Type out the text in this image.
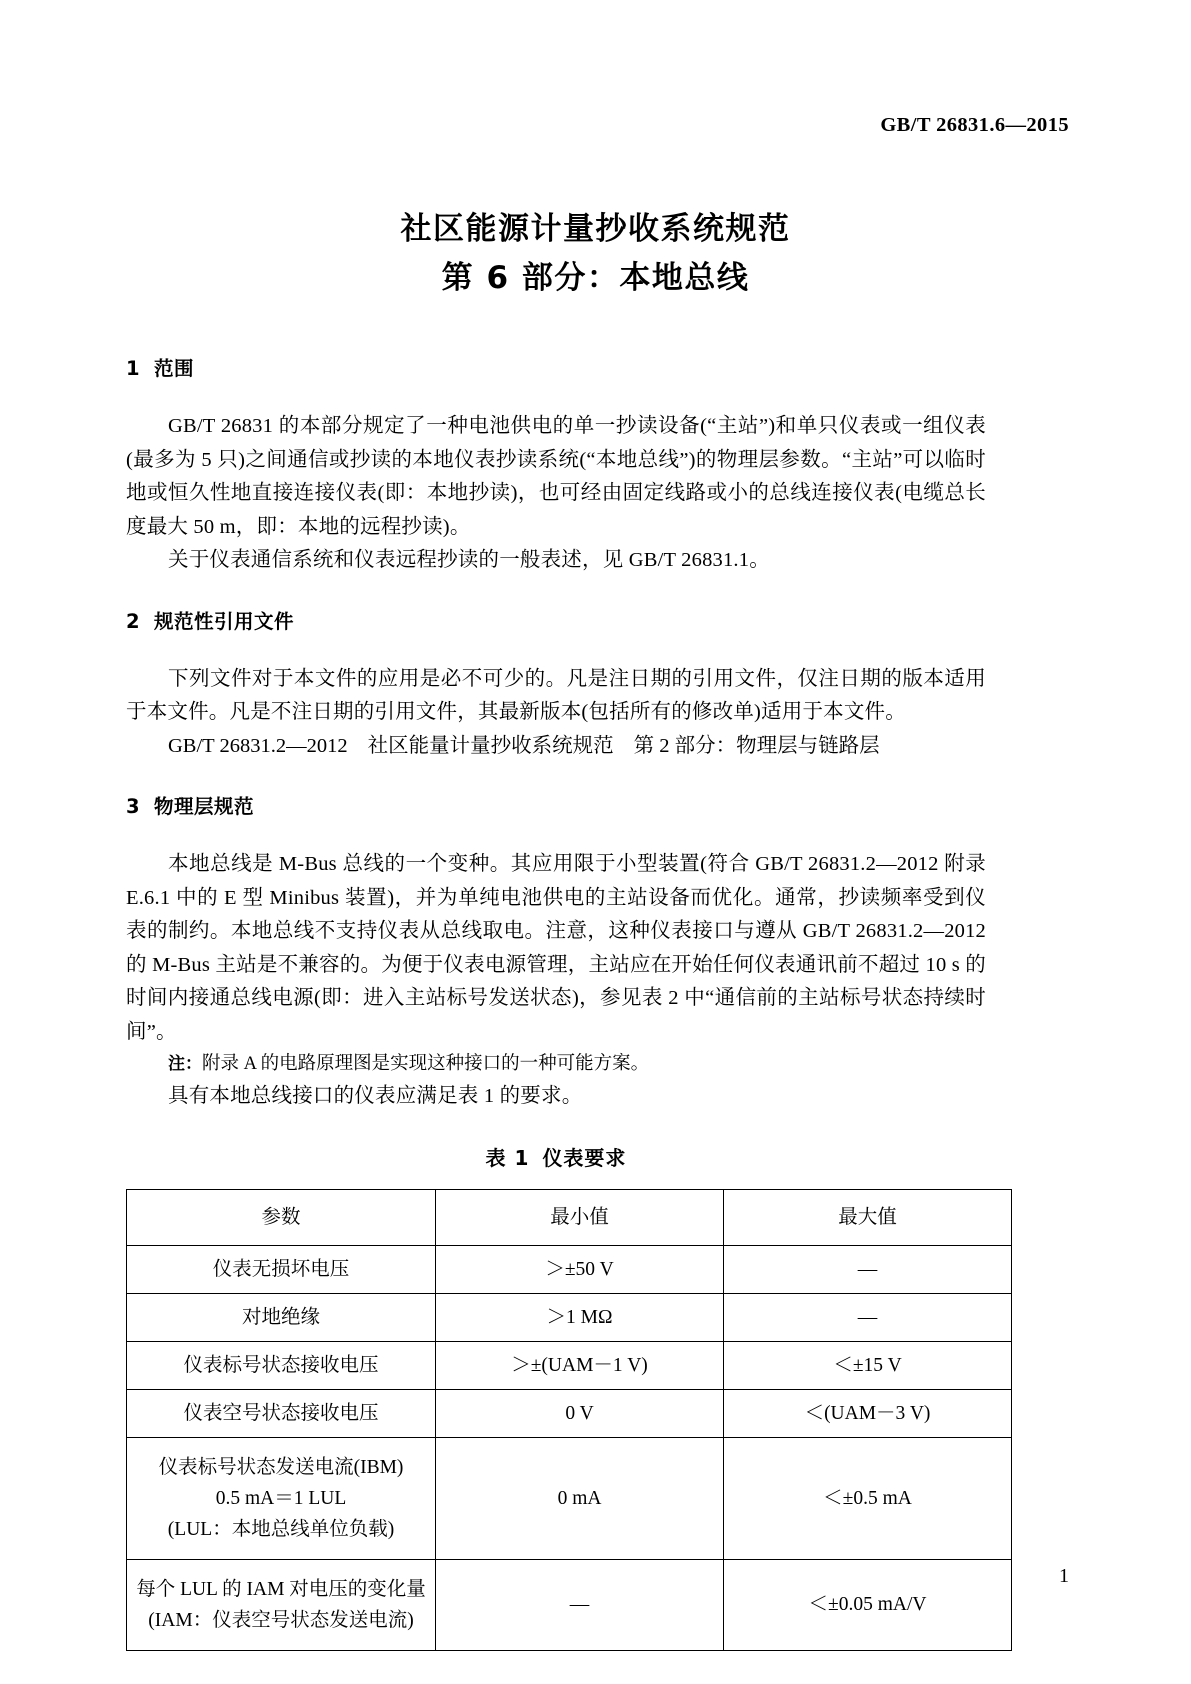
GB/T 26831.6—2015
社区能源计量抄收系统规范
第 6 部分：本地总线
1 范围

GB/T 26831 的本部分规定了一种电池供电的单一抄读设备(“主站”)和单只仪表或一组仪表(最多为 5 只)之间通信或抄读的本地仪表抄读系统(“本地总线”)的物理层参数。“主站”可以临时地或恒久性地直接连接仪表(即：本地抄读)，也可经由固定线路或小的总线连接仪表(电缆总长度最大 50 m，即：本地的远程抄读)。

关于仪表通信系统和仪表远程抄读的一般表述，见 GB/T 26831.1。

2 规范性引用文件

下列文件对于本文件的应用是必不可少的。凡是注日期的引用文件，仅注日期的版本适用于本文件。凡是不注日期的引用文件，其最新版本(包括所有的修改单)适用于本文件。

GB/T 26831.2—2012 社区能量计量抄收系统规范 第 2 部分：物理层与链路层

3 物理层规范

本地总线是 M-Bus 总线的一个变种。其应用限于小型装置(符合 GB/T 26831.2—2012 附录 E.6.1 中的 E 型 Minibus 装置)，并为单纯电池供电的主站设备而优化。通常，抄读频率受到仪表的制约。本地总线不支持仪表从总线取电。注意，这种仪表接口与遵从 GB/T 26831.2—2012 的 M-Bus 主站是不兼容的。为便于仪表电源管理，主站应在开始任何仪表通讯前不超过 10 s 的时间内接通总线电源(即：进入主站标号发送状态)，参见表 2 中“通信前的主站标号状态持续时间”。

注：附录 A 的电路原理图是实现这种接口的一种可能方案。

具有本地总线接口的仪表应满足表 1 的要求。

表 1 仪表要求
参数	最小值	最大值
仪表无损坏电压	＞±50 V	—
对地绝缘	＞1 MΩ	—
仪表标号状态接收电压	＞±(UAM－1 V)	＜±15 V
仪表空号状态接收电压	0 V	＜(UAM－3 V)

仪表标号状态发送电流(IBM)
0.5 mA＝1 LUL
(LUL：本地总线单位负载)	0 mA	＜±0.5 mA

每个 LUL 的 IAM 对电压的变化量
(IAM：仪表空号状态发送电流)	—	＜±0.05 mA/V
1
